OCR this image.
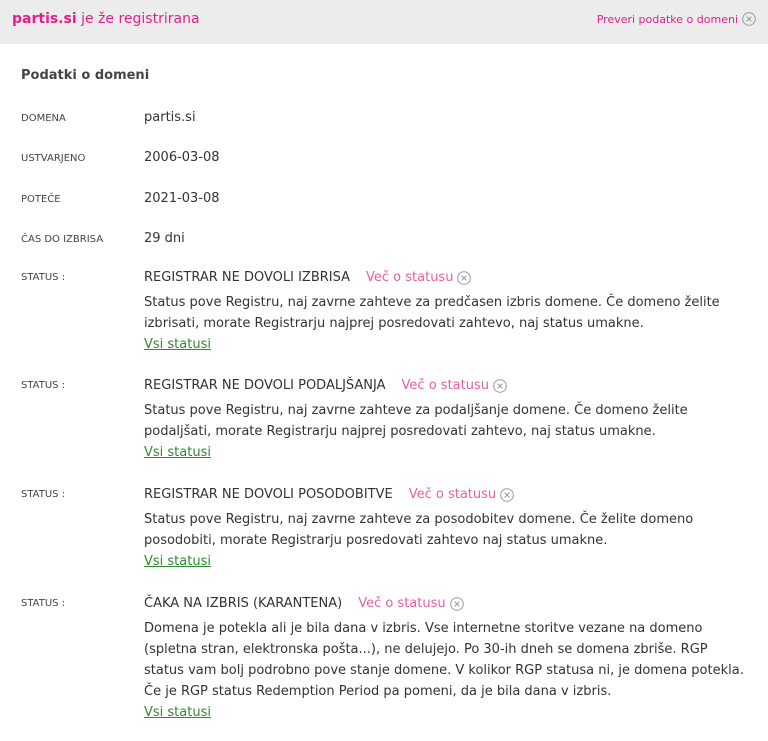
partis.si je že registrirana	Preveri podatke o domeni
Podatki o domeni
DOMENA	partis.si
USTVARJENO	2006-03-08
POTEČE	2021-03-08
ČAS DO IZBRISA	29 dni
STATUS :	REGISTRAR NE DOVOLI IZBRISA Več o statusu
Status pove Registru, naj zavrne zahteve za predčasen izbris domene. Če domeno želite izbrisati, morate Registrarju najprej posredovati zahtevo, naj status umakne.
Vsi statusi
STATUS :	REGISTRAR NE DOVOLI PODALJŠANJA Več o statusu
Status pove Registru, naj zavrne zahteve za podaljšanje domene. Če domeno želite podaljšati, morate Registrarju najprej posredovati zahtevo, naj status umakne.
Vsi statusi
STATUS :	REGISTRAR NE DOVOLI POSODOBITVE Več o statusu
Status pove Registru, naj zavrne zahteve za posodobitev domene. Če želite domeno posodobiti, morate Registrarju posredovati zahtevo naj status umakne.
Vsi statusi
STATUS :	ČAKA NA IZBRIS (KARANTENA) Več o statusu
Domena je potekla ali je bila dana v izbris. Vse internetne storitve vezane na domeno (spletna stran, elektronska pošta...), ne delujejo. Po 30-ih dneh se domena zbriše. RGP status vam bolj podrobno pove stanje domene. V kolikor RGP statusa ni, je domena potekla. Če je RGP status Redemption Period pa pomeni, da je bila dana v izbris.
Vsi statusi
